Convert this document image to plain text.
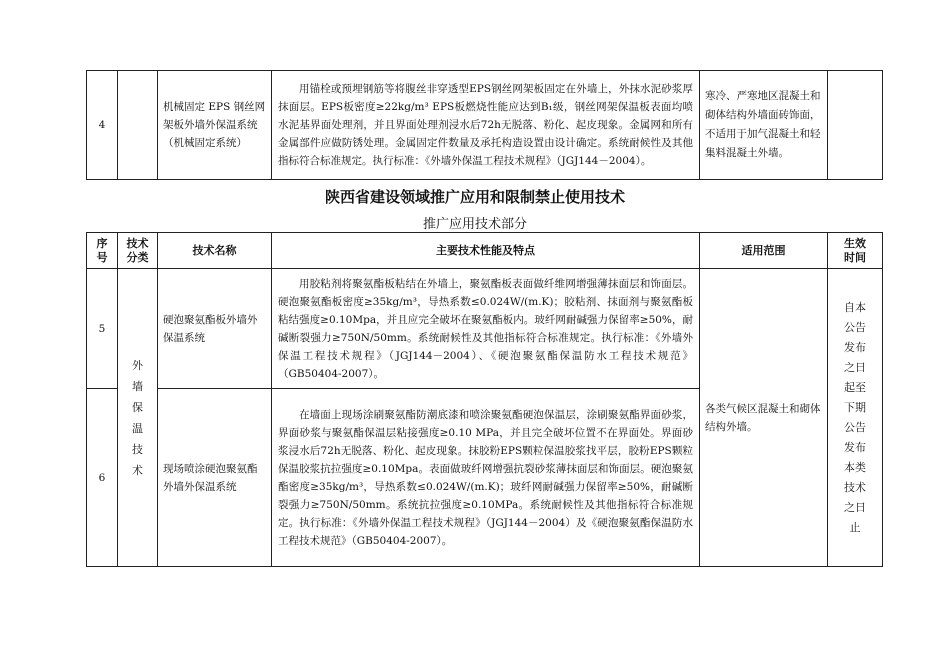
4		机械固定 EPS 钢丝网架板外墙外保温系统（机械固定系统）	用锚栓或预埋钢筋等将腹丝非穿透型EPS钢丝网架板固定在外墙上，外抹水泥砂浆厚抹面层。EPS板密度≥22kg/m³ EPS板燃烧性能应达到B₁级，钢丝网架保温板表面均喷水泥基界面处理剂，并且界面处理剂浸水后72h无脱落、粉化、起皮现象。金属网和所有金属部件应做防锈处理。金属固定件数量及承托构造设置由设计确定。系统耐候性及其他指标符合标准规定。执行标准：《外墙外保温工程技术规程》（JGJ144－2004）。	寒冷、严寒地区混凝土和砌体结构外墙面砖饰面，不适用于加气混凝土和轻集料混凝土外墙。	
陕西省建设领域推广应用和限制禁止使用技术
推广应用技术部分
序号	技术分类	技术名称	主要技术性能及特点	适用范围	生效时间

5	外墙保温技术	硬泡聚氨酯板外墙外保温系统	用胶粘剂将聚氨酯板粘结在外墙上，聚氨酯板表面做纤维网增强薄抹面层和饰面层。硬泡聚氨酯板密度≥35kg/m³，导热系数≤0.024W/(m.K)；胶粘剂、抹面剂与聚氨酯板粘结强度≥0.10Mpa，并且应完全破坏在聚氨酯板内。玻纤网耐碱强力保留率≥50%，耐碱断裂强力≥750N/50mm。系统耐候性及其他指标符合标准规定。执行标准：《外墙外保温工程技术规程》（JGJ144－2004）、《硬泡聚氨酯保温防水工程技术规范》（GB50404-2007）。	各类气候区混凝土和砌体结构外墙。	自本公告发布之日起至下期公告发布本类技术之日止

6		现场喷涂硬泡聚氨酯外墙外保温系统	在墙面上现场涂刷聚氨酯防潮底漆和喷涂聚氨酯硬泡保温层，涂刷聚氨酯界面砂浆，界面砂浆与聚氨酯保温层粘接强度≥0.10 MPa，并且完全破坏位置不在界面处。界面砂浆浸水后72h无脱落、粉化、起皮现象。抹胶粉EPS颗粒保温胶浆找平层，胶粉EPS颗粒保温胶浆抗拉强度≥0.10Mpa。表面做玻纤网增强抗裂砂浆薄抹面层和饰面层。硬泡聚氨酯密度≥35kg/m³，导热系数≤0.024W/(m.K)；玻纤网耐碱强力保留率≥50%，耐碱断裂强力≥750N/50mm。系统抗拉强度≥0.10MPa。系统耐候性及其他指标符合标准规定。执行标准：《外墙外保温工程技术规程》（JGJ144－2004）及《硬泡聚氨酯保温防水工程技术规范》（GB50404-2007）。		
